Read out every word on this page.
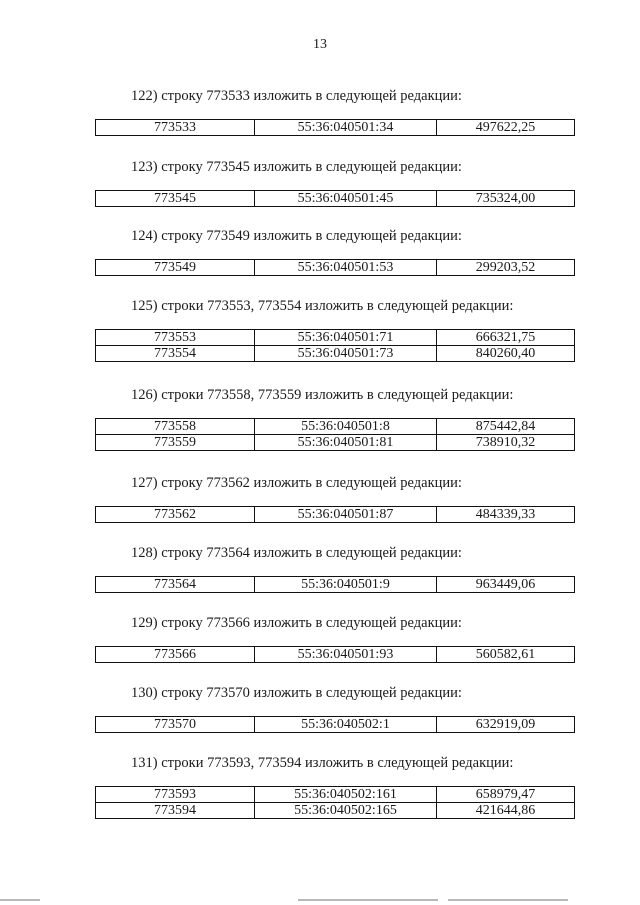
13

122) строку 773533 изложить в следующей редакции:

773533	55:36:040501:34	497622,25

123) строку 773545 изложить в следующей редакции:

773545	55:36:040501:45	735324,00

124) строку 773549 изложить в следующей редакции:

773549	55:36:040501:53	299203,52

125) строки 773553, 773554 изложить в следующей редакции:

773553	55:36:040501:71	666321,75
773554	55:36:040501:73	840260,40

126) строки 773558, 773559 изложить в следующей редакции:

773558	55:36:040501:8	875442,84
773559	55:36:040501:81	738910,32

127) строку 773562 изложить в следующей редакции:

773562	55:36:040501:87	484339,33

128) строку 773564 изложить в следующей редакции:

773564	55:36:040501:9	963449,06

129) строку 773566 изложить в следующей редакции:

773566	55:36:040501:93	560582,61

130) строку 773570 изложить в следующей редакции:

773570	55:36:040502:1	632919,09

131) строки 773593, 773594 изложить в следующей редакции:

773593	55:36:040502:161	658979,47
773594	55:36:040502:165	421644,86
